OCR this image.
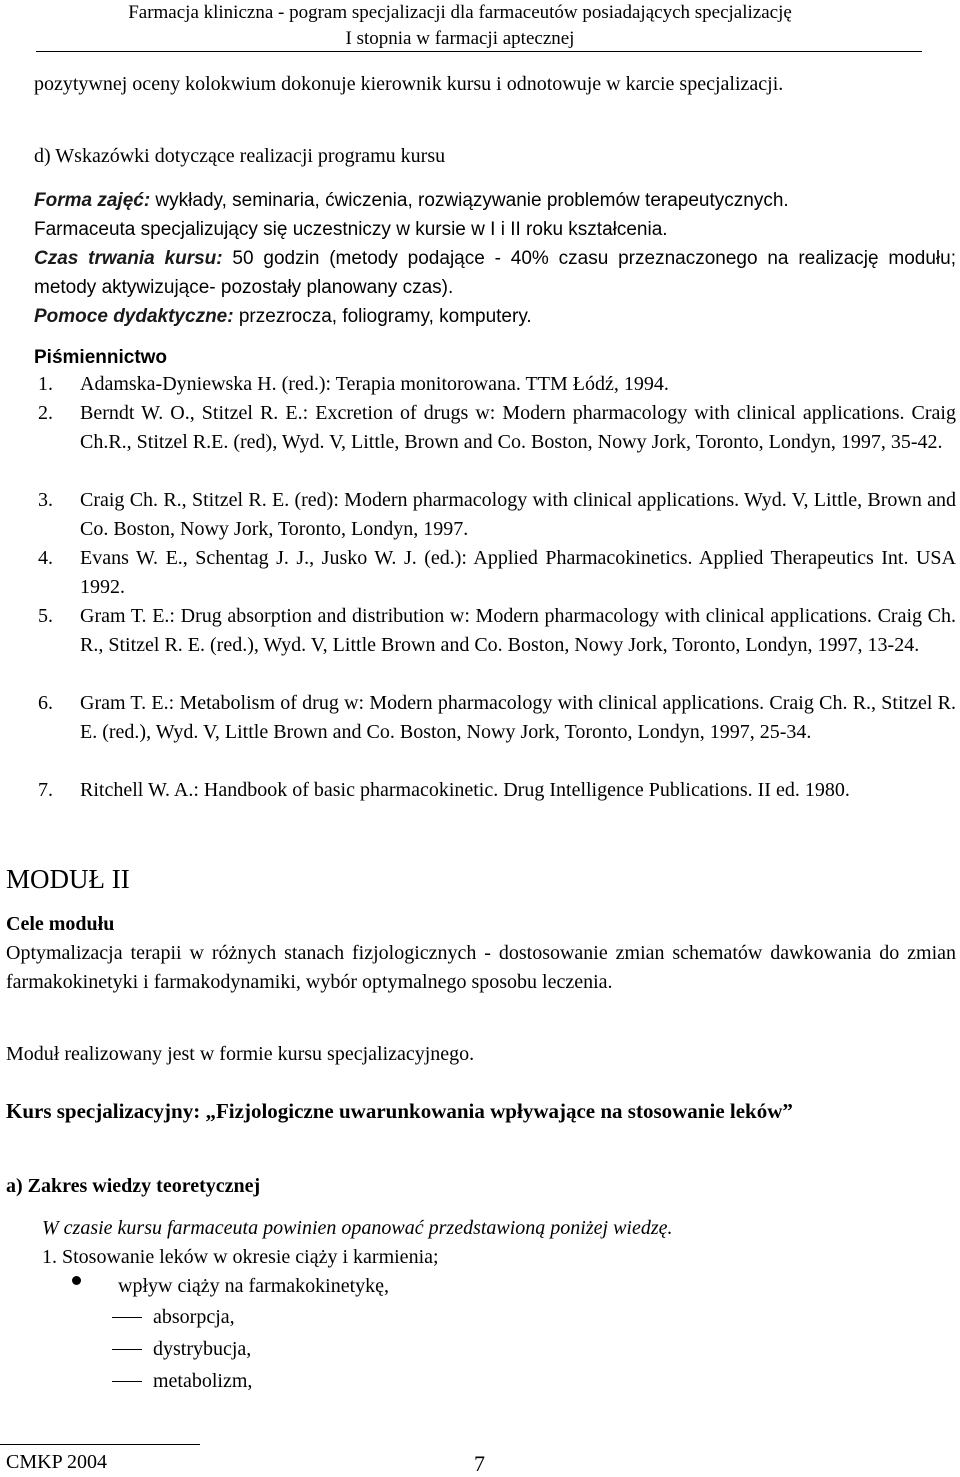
Farmacja kliniczna - pogram specjalizacji dla farmaceutów posiadających specjalizację
I stopnia w farmacji aptecznej
pozytywnej oceny kolokwium dokonuje kierownik kursu i odnotowuje w karcie specjalizacji.
d) Wskazówki dotyczące realizacji programu kursu
Forma zajęć: wykłady, seminaria, ćwiczenia, rozwiązywanie problemów terapeutycznych.
Farmaceuta specjalizujący się uczestniczy w kursie w I i II roku kształcenia.
Czas trwania kursu: 50 godzin (metody podające - 40% czasu przeznaczonego na realizację modułu; metody aktywizujące- pozostały planowany czas).
Pomoce dydaktyczne: przezrocza, foliogramy, komputery.
Piśmiennictwo
1.	Adamska-Dyniewska H. (red.): Terapia monitorowana. TTM Łódź, 1994.
2.	Berndt W. O., Stitzel R. E.: Excretion of drugs w: Modern pharmacology with clinical applications. Craig Ch.R., Stitzel R.E. (red), Wyd. V, Little, Brown and Co. Boston, Nowy Jork, Toronto, Londyn, 1997, 35-42.
3.	Craig Ch. R., Stitzel R. E. (red): Modern pharmacology with clinical applications. Wyd. V, Little, Brown and Co. Boston, Nowy Jork, Toronto, Londyn, 1997.
4.	Evans W. E., Schentag J. J., Jusko W. J. (ed.): Applied Pharmacokinetics. Applied Therapeutics Int. USA 1992.
5.	Gram T. E.: Drug absorption and distribution w: Modern pharmacology with clinical applications. Craig Ch. R., Stitzel R. E. (red.), Wyd. V, Little Brown and Co. Boston, Nowy Jork, Toronto, Londyn, 1997, 13-24.
6.	Gram T. E.: Metabolism of drug w: Modern pharmacology with clinical applications. Craig Ch. R., Stitzel R. E. (red.), Wyd. V, Little Brown and Co. Boston, Nowy Jork, Toronto, Londyn, 1997, 25-34.
7.	Ritchell W. A.: Handbook of basic pharmacokinetic. Drug Intelligence Publications. II ed. 1980.
MODUŁ II
Cele modułu
Optymalizacja terapii w różnych stanach fizjologicznych - dostosowanie zmian schematów dawkowania do zmian farmakokinetyki i farmakodynamiki, wybór optymalnego sposobu leczenia.
Moduł realizowany jest w formie kursu specjalizacyjnego.
Kurs specjalizacyjny: „Fizjologiczne uwarunkowania wpływające na stosowanie leków”
a) Zakres wiedzy teoretycznej
W czasie kursu farmaceuta powinien opanować przedstawioną poniżej wiedzę.
1. Stosowanie leków w okresie ciąży i karmienia;
wpływ ciąży na farmakokinetykę,
absorpcja,
dystrybucja,
metabolizm,
CMKP 2004	7
